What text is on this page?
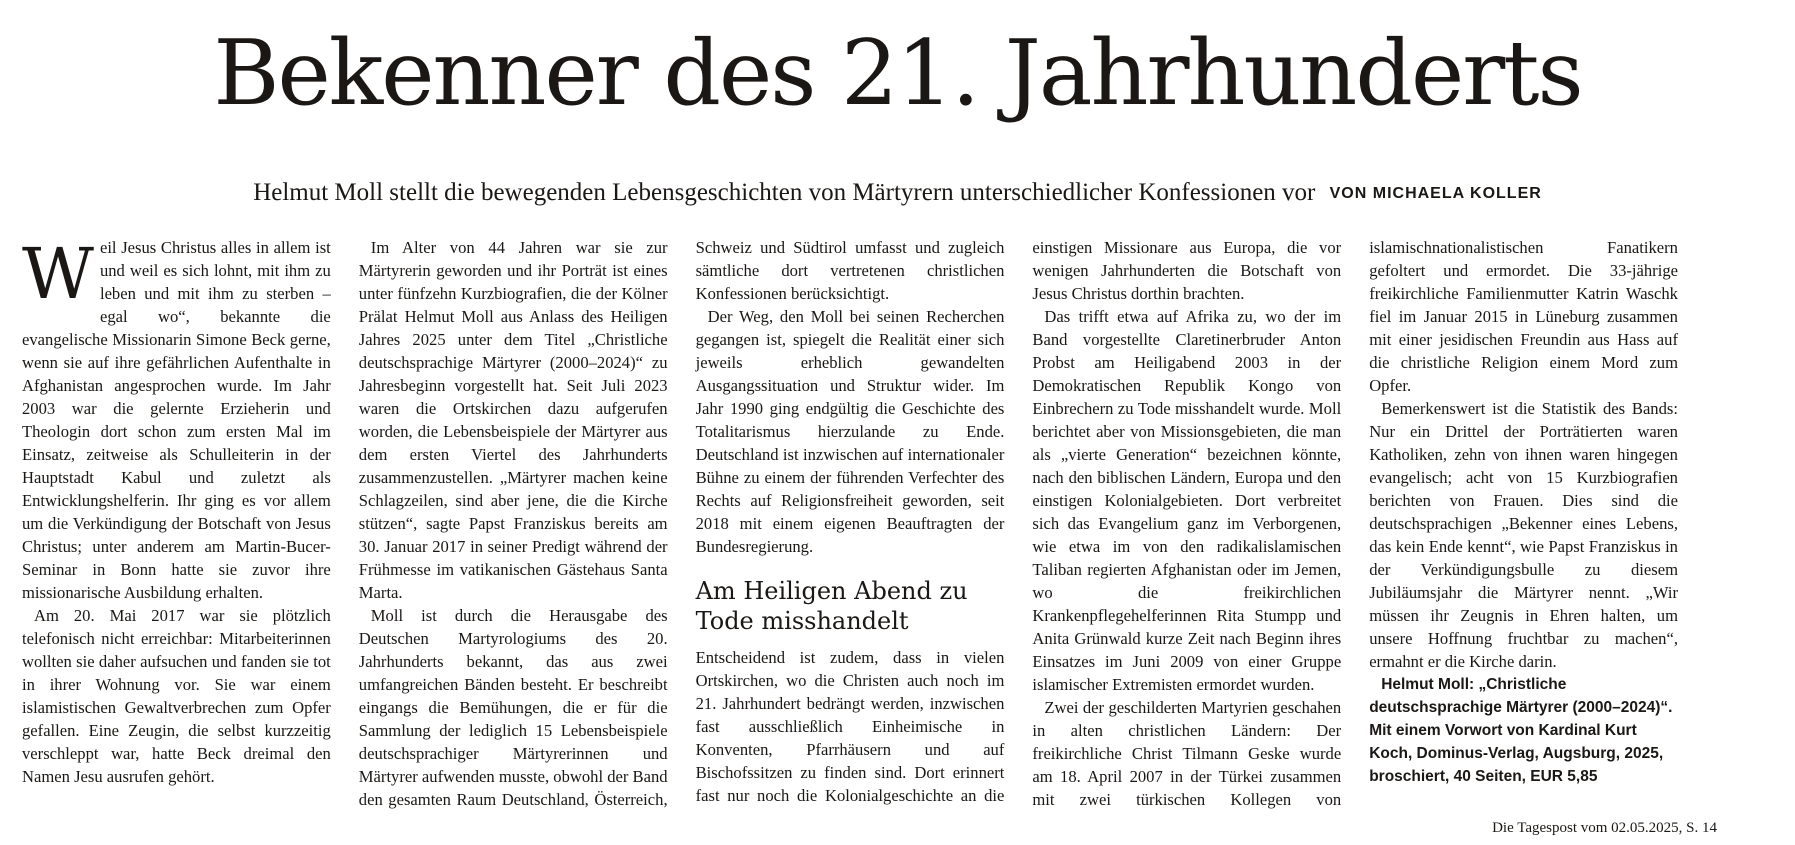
Bekenner des 21. Jahrhunderts
Helmut Moll stellt die bewegenden Lebensgeschichten von Märtyrern unterschiedlicher Konfessionen vor VON MICHAELA KOLLER

Weil Jesus Christus alles in allem ist und weil es sich lohnt, mit ihm zu leben und mit ihm zu sterben – egal wo“, bekannte die evangelische Missionarin Simone Beck gerne, wenn sie auf ihre gefährlichen Aufenthalte in Afghanistan angesprochen wurde. Im Jahr 2003 war die gelernte Erzieherin und Theologin dort schon zum ersten Mal im Einsatz, zeitweise als Schulleiterin in der Hauptstadt Kabul und zuletzt als Entwicklungshelferin. Ihr ging es vor allem um die Verkündigung der Botschaft von Jesus Christus; unter anderem am Martin-Bucer-Seminar in Bonn hatte sie zuvor ihre missionarische Ausbildung erhalten.

Am 20. Mai 2017 war sie plötzlich telefonisch nicht erreichbar: Mitarbeiterinnen wollten sie daher aufsuchen und fanden sie tot in ihrer Wohnung vor. Sie war einem islamistischen Gewaltverbrechen zum Opfer gefallen. Eine Zeugin, die selbst kurzzeitig verschleppt war, hatte Beck dreimal den Namen Jesu ausrufen gehört.

Im Alter von 44 Jahren war sie zur Märtyrerin geworden und ihr Porträt ist eines unter fünfzehn Kurzbiografien, die der Kölner Prälat Helmut Moll aus Anlass des Heiligen Jahres 2025 unter dem Titel „Christliche deutschsprachige Märtyrer (2000–2024)“ zu Jahresbeginn vorgestellt hat. Seit Juli 2023 waren die Ortskirchen dazu aufgerufen worden, die Lebensbeispiele der Märtyrer aus dem ersten Viertel des Jahrhunderts zusammenzustellen. „Märtyrer machen keine Schlagzeilen, sind aber jene, die die Kirche stützen“, sagte Papst Franziskus bereits am 30. Januar 2017 in seiner Predigt während der Frühmesse im vatikanischen Gästehaus Santa Marta.

Moll ist durch die Herausgabe des Deutschen Martyrologiums des 20. Jahrhunderts bekannt, das aus zwei umfangreichen Bänden besteht. Er beschreibt eingangs die Bemühungen, die er für die Sammlung der lediglich 15 Lebensbeispiele deutschsprachiger Märtyrerinnen und Märtyrer aufwenden musste, obwohl der Band den gesamten Raum Deutschland, Österreich, Schweiz und Südtirol umfasst und zugleich sämtliche dort vertretenen christlichen Konfessionen berücksichtigt.

Der Weg, den Moll bei seinen Recherchen gegangen ist, spiegelt die Realität einer sich jeweils erheblich gewandelten Ausgangssituation und Struktur wider. Im Jahr 1990 ging endgültig die Geschichte des Totalitarismus hierzulande zu Ende. Deutschland ist inzwischen auf internationaler Bühne zu einem der führenden Verfechter des Rechts auf Religionsfreiheit geworden, seit 2018 mit einem eigenen Beauftragten der Bundesregierung.

Am Heiligen Abend zu Tode misshandelt

Entscheidend ist zudem, dass in vielen Ortskirchen, wo die Christen auch noch im 21. Jahrhundert bedrängt werden, inzwischen fast ausschließlich Einheimische in Konventen, Pfarrhäusern und auf Bischofssitzen zu finden sind. Dort erinnert fast nur noch die Kolonialgeschichte an die einstigen Missionare aus Europa, die vor wenigen Jahrhunderten die Botschaft von Jesus Christus dorthin brachten.

Das trifft etwa auf Afrika zu, wo der im Band vorgestellte Claretinerbruder Anton Probst am Heiligabend 2003 in der Demokratischen Republik Kongo von Einbrechern zu Tode misshandelt wurde. Moll berichtet aber von Missionsgebieten, die man als „vierte Generation“ bezeichnen könnte, nach den biblischen Ländern, Europa und den einstigen Kolonialgebieten. Dort verbreitet sich das Evangelium ganz im Verborgenen, wie etwa im von den radikalislamischen Taliban regierten Afghanistan oder im Jemen, wo die freikirchlichen Krankenpflegehelferinnen Rita Stumpp und Anita Grünwald kurze Zeit nach Beginn ihres Einsatzes im Juni 2009 von einer Gruppe islamischer Extremisten ermordet wurden.

Zwei der geschilderten Martyrien geschahen in alten christlichen Ländern: Der freikirchliche Christ Tilmann Geske wurde am 18. April 2007 in der Türkei zusammen mit zwei türkischen Kollegen von islamischnationalistischen Fanatikern gefoltert und ermordet. Die 33-jährige freikirchliche Familienmutter Katrin Waschk fiel im Januar 2015 in Lüneburg zusammen mit einer jesidischen Freundin aus Hass auf die christliche Religion einem Mord zum Opfer.

Bemerkenswert ist die Statistik des Bands: Nur ein Drittel der Porträtierten waren Katholiken, zehn von ihnen waren hingegen evangelisch; acht von 15 Kurzbiografien berichten von Frauen. Dies sind die deutschsprachigen „Bekenner eines Lebens, das kein Ende kennt“, wie Papst Franziskus in der Verkündigungsbulle zu diesem Jubiläumsjahr die Märtyrer nennt. „Wir müssen ihr Zeugnis in Ehren halten, um unsere Hoffnung fruchtbar zu machen“, ermahnt er die Kirche darin.

Helmut Moll: „Christliche deutschsprachige Märtyrer (2000–2024)“. Mit einem Vorwort von Kardinal Kurt Koch, Dominus-Verlag, Augsburg, 2025, broschiert, 40 Seiten, EUR 5,85

Die Tagespost vom 02.05.2025, S. 14
